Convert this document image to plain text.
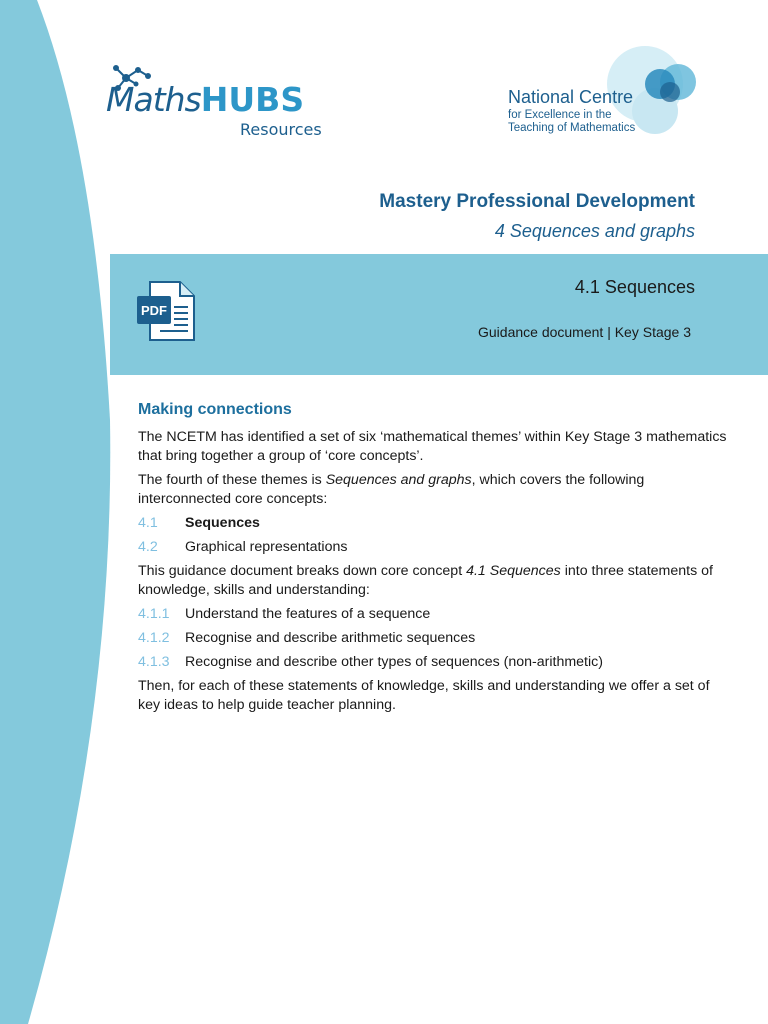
MathsHUBS
Resources
National Centre
for Excellence in the
Teaching of Mathematics
Mastery Professional Development
4 Sequences and graphs
PDF
4.1 Sequences
Guidance document | Key Stage 3
Making connections

The NCETM has identified a set of six ‘mathematical themes’ within Key Stage 3 mathematics that bring together a group of ‘core concepts’.

The fourth of these themes is Sequences and graphs, which covers the following interconnected core concepts:

4.1	Sequences
4.2	Graphical representations

This guidance document breaks down core concept 4.1 Sequences into three statements of knowledge, skills and understanding:

4.1.1	Understand the features of a sequence
4.1.2	Recognise and describe arithmetic sequences
4.1.3	Recognise and describe other types of sequences (non-arithmetic)

Then, for each of these statements of knowledge, skills and understanding we offer a set of key ideas to help guide teacher planning.
